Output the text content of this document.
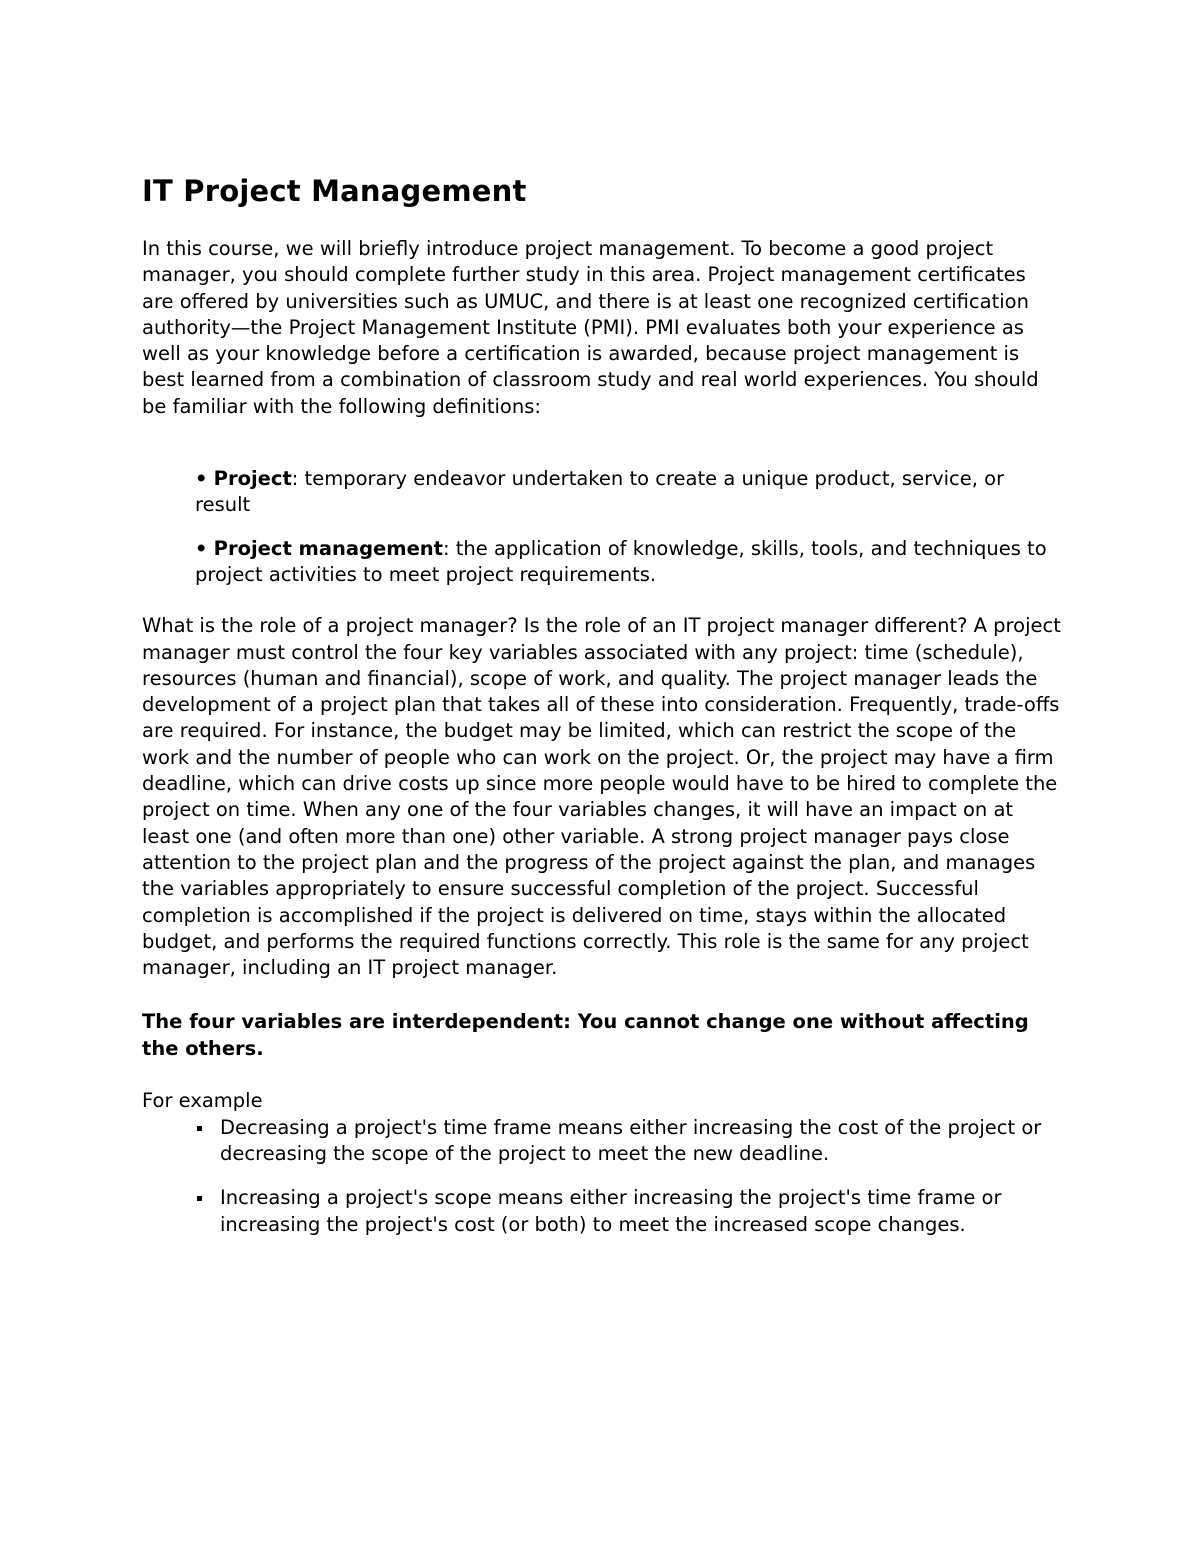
IT Project Management

In this course, we will briefly introduce project management. To become a good project manager, you should complete further study in this area. Project management certificates are offered by universities such as UMUC, and there is at least one recognized certification authority—the Project Management Institute (PMI). PMI evaluates both your experience as well as your knowledge before a certification is awarded, because project management is best learned from a combination of classroom study and real world experiences. You should be familiar with the following definitions:

• Project: temporary endeavor undertaken to create a unique product, service, or result
• Project management: the application of knowledge, skills, tools, and techniques to project activities to meet project requirements.

What is the role of a project manager? Is the role of an IT project manager different? A project manager must control the four key variables associated with any project: time (schedule), resources (human and financial), scope of work, and quality. The project manager leads the development of a project plan that takes all of these into consideration. Frequently, trade-offs are required. For instance, the budget may be limited, which can restrict the scope of the work and the number of people who can work on the project. Or, the project may have a firm deadline, which can drive costs up since more people would have to be hired to complete the project on time. When any one of the four variables changes, it will have an impact on at least one (and often more than one) other variable. A strong project manager pays close attention to the project plan and the progress of the project against the plan, and manages the variables appropriately to ensure successful completion of the project. Successful completion is accomplished if the project is delivered on time, stays within the allocated budget, and performs the required functions correctly. This role is the same for any project manager, including an IT project manager.

The four variables are interdependent: You cannot change one without affecting the others.

For example

Decreasing a project's time frame means either increasing the cost of the project or decreasing the scope of the project to meet the new deadline.
Increasing a project's scope means either increasing the project's time frame or increasing the project's cost (or both) to meet the increased scope changes.
